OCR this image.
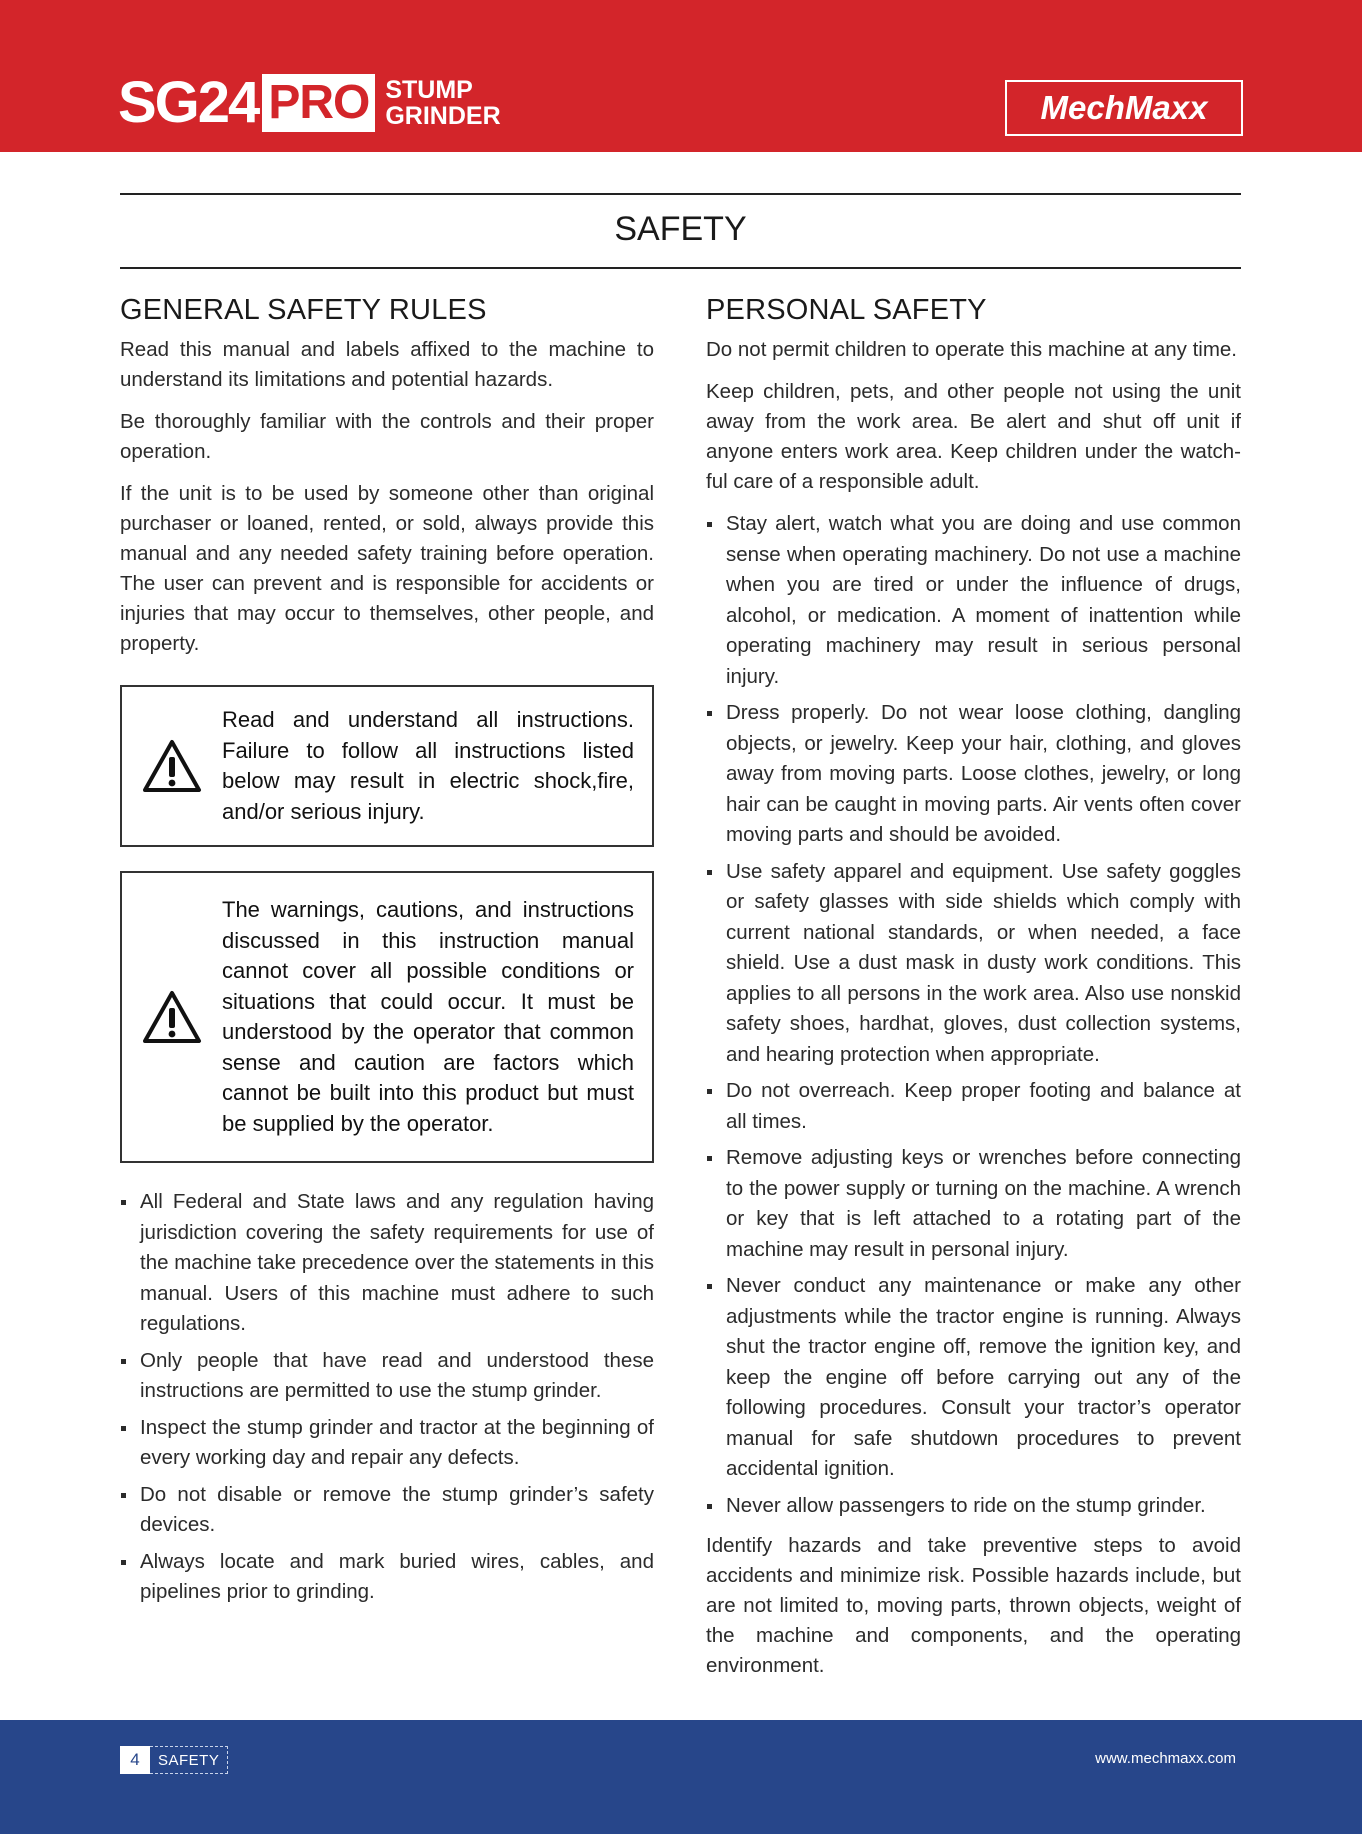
SG24 PRO STUMP
GRINDER	MechMaxx
SAFETY
GENERAL SAFETY RULES

Read this manual and labels affixed to the machine to understand its limitations and potential hazards.

Be thoroughly familiar with the controls and their proper operation.

If the unit is to be used by someone other than original purchaser or loaned, rented, or sold, always provide this manual and any needed safety training before operation. The user can prevent and is responsible for accidents or injuries that may occur to themselves, other people, and property.

Read and understand all instructions. Failure to follow all instructions listed below may result in electric shock,fire, and/or serious injury.
The warnings, cautions, and instructions discussed in this instruction manual cannot cover all possible conditions or situations that could occur. It must be understood by the operator that common sense and caution are factors which cannot be built into this product but must be supplied by the operator.
All Federal and State laws and any regulation having jurisdiction covering the safety requirements for use of the machine take precedence over the statements in this manual. Users of this machine must adhere to such regulations.
Only people that have read and understood these instructions are permitted to use the stump grinder.
Inspect the stump grinder and tractor at the beginning of every working day and repair any defects.
Do not disable or remove the stump grinder’s safety devices.
Always locate and mark buried wires, cables, and pipelines prior to grinding.
PERSONAL SAFETY

Do not permit children to operate this machine at any time.

Keep children, pets, and other people not using the unit away from the work area. Be alert and shut off unit if anyone enters work area. Keep children under the watchful care of a responsible adult.

Stay alert, watch what you are doing and use common sense when operating machinery. Do not use a machine when you are tired or under the influence of drugs, alcohol, or medication. A moment of inattention while operating machinery may result in serious personal injury.
Dress properly. Do not wear loose clothing, dangling objects, or jewelry. Keep your hair, clothing, and gloves away from moving parts. Loose clothes, jewelry, or long hair can be caught in moving parts. Air vents often cover moving parts and should be avoided.
Use safety apparel and equipment. Use safety goggles or safety glasses with side shields which comply with current national standards, or when needed, a face shield. Use a dust mask in dusty work conditions. This applies to all persons in the work area. Also use nonskid safety shoes, hardhat, gloves, dust collection systems, and hearing protection when appropriate.
Do not overreach. Keep proper footing and balance at all times.
Remove adjusting keys or wrenches before connecting to the power supply or turning on the machine. A wrench or key that is left attached to a rotating part of the machine may result in personal injury.
Never conduct any maintenance or make any other adjustments while the tractor engine is running. Always shut the tractor engine off, remove the ignition key, and keep the engine off before carrying out any of the following procedures. Consult your tractor’s operator manual for safe shutdown procedures to prevent accidental ignition.
Never allow passengers to ride on the stump grinder.

Identify hazards and take preventive steps to avoid accidents and minimize risk. Possible hazards include, but are not limited to, moving parts, thrown objects, weight of the machine and components, and the operating environment.

4	SAFETY	www.mechmaxx.com
